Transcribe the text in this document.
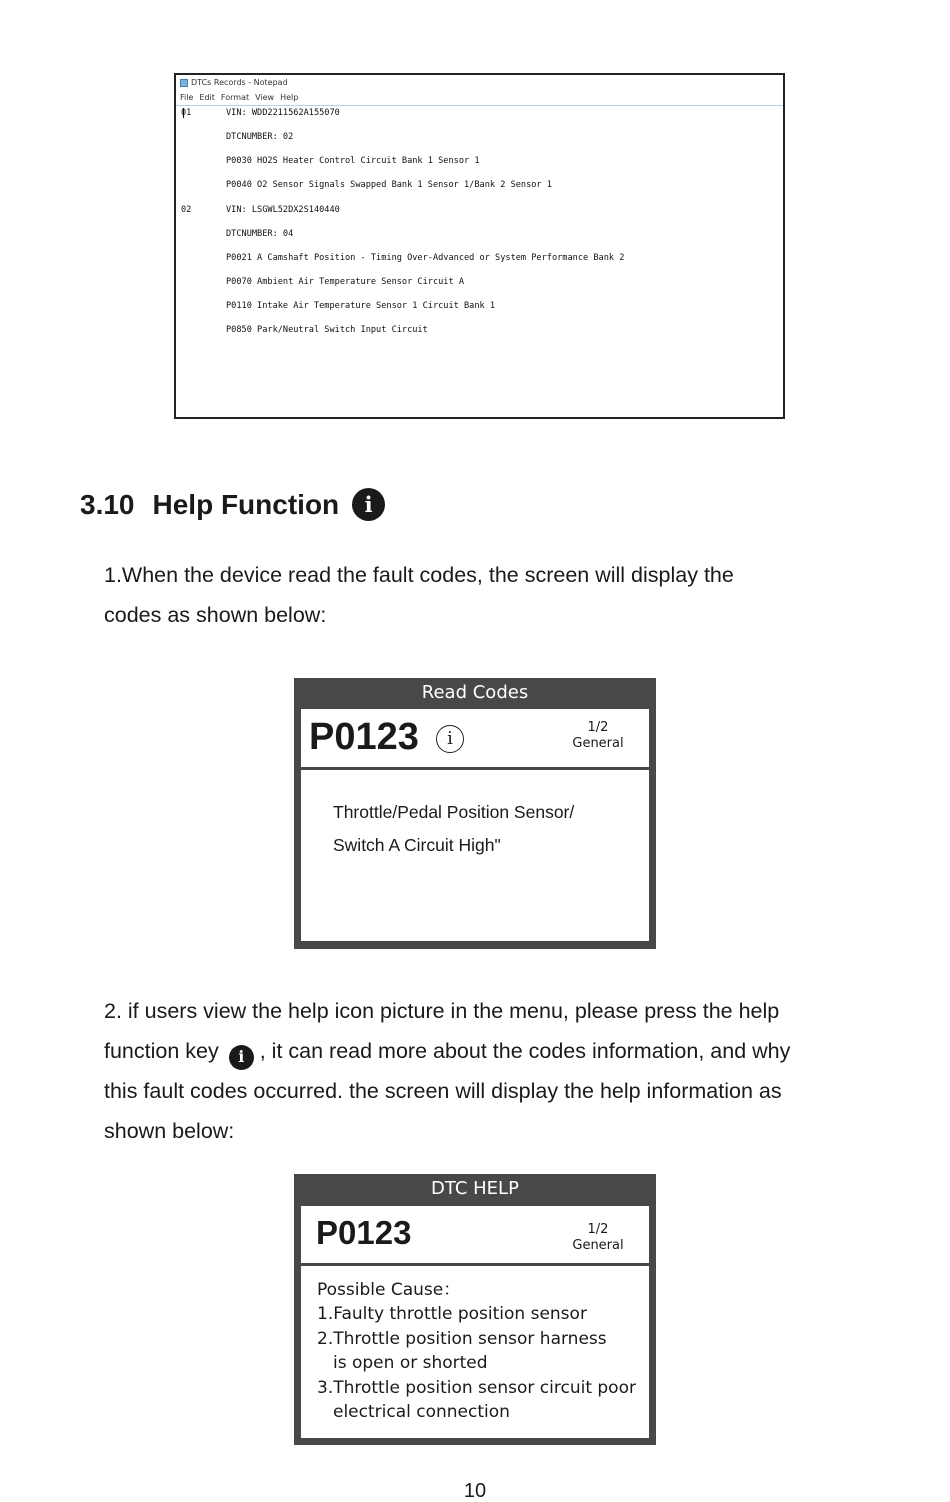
DTCs Records - Notepad
File Edit Format View Help
01	VIN: WDD2211562A155070
DTCNUMBER: 02
P0030 HO2S Heater Control Circuit Bank 1 Sensor 1
P0040 O2 Sensor Signals Swapped Bank 1 Sensor 1/Bank 2 Sensor 1
02	VIN: LSGWL52DX2S140440
DTCNUMBER: 04
P0021 A Camshaft Position - Timing Over-Advanced or System Performance Bank 2
P0070 Ambient Air Temperature Sensor Circuit A
P0110 Intake Air Temperature Sensor 1 Circuit Bank 1
P0850 Park/Neutral Switch Input Circuit
3.10 Help Function	i
1.When the device read the fault codes, the screen will display the
codes as shown below:
Read Codes
P0123	i
1/2
General
Throttle/Pedal Position Sensor/
Switch A Circuit High"
2. if users view the help icon picture in the menu, please press the help
function key i , it can read more about the codes information, and why
this fault codes occurred. the screen will display the help information as
shown below:
DTC HELP
P0123	1/2
General
Possible Cause：
1.Faulty throttle position sensor
2.Throttle position sensor harness
is open or shorted
3.Throttle position sensor circuit poor
electrical connection
10
